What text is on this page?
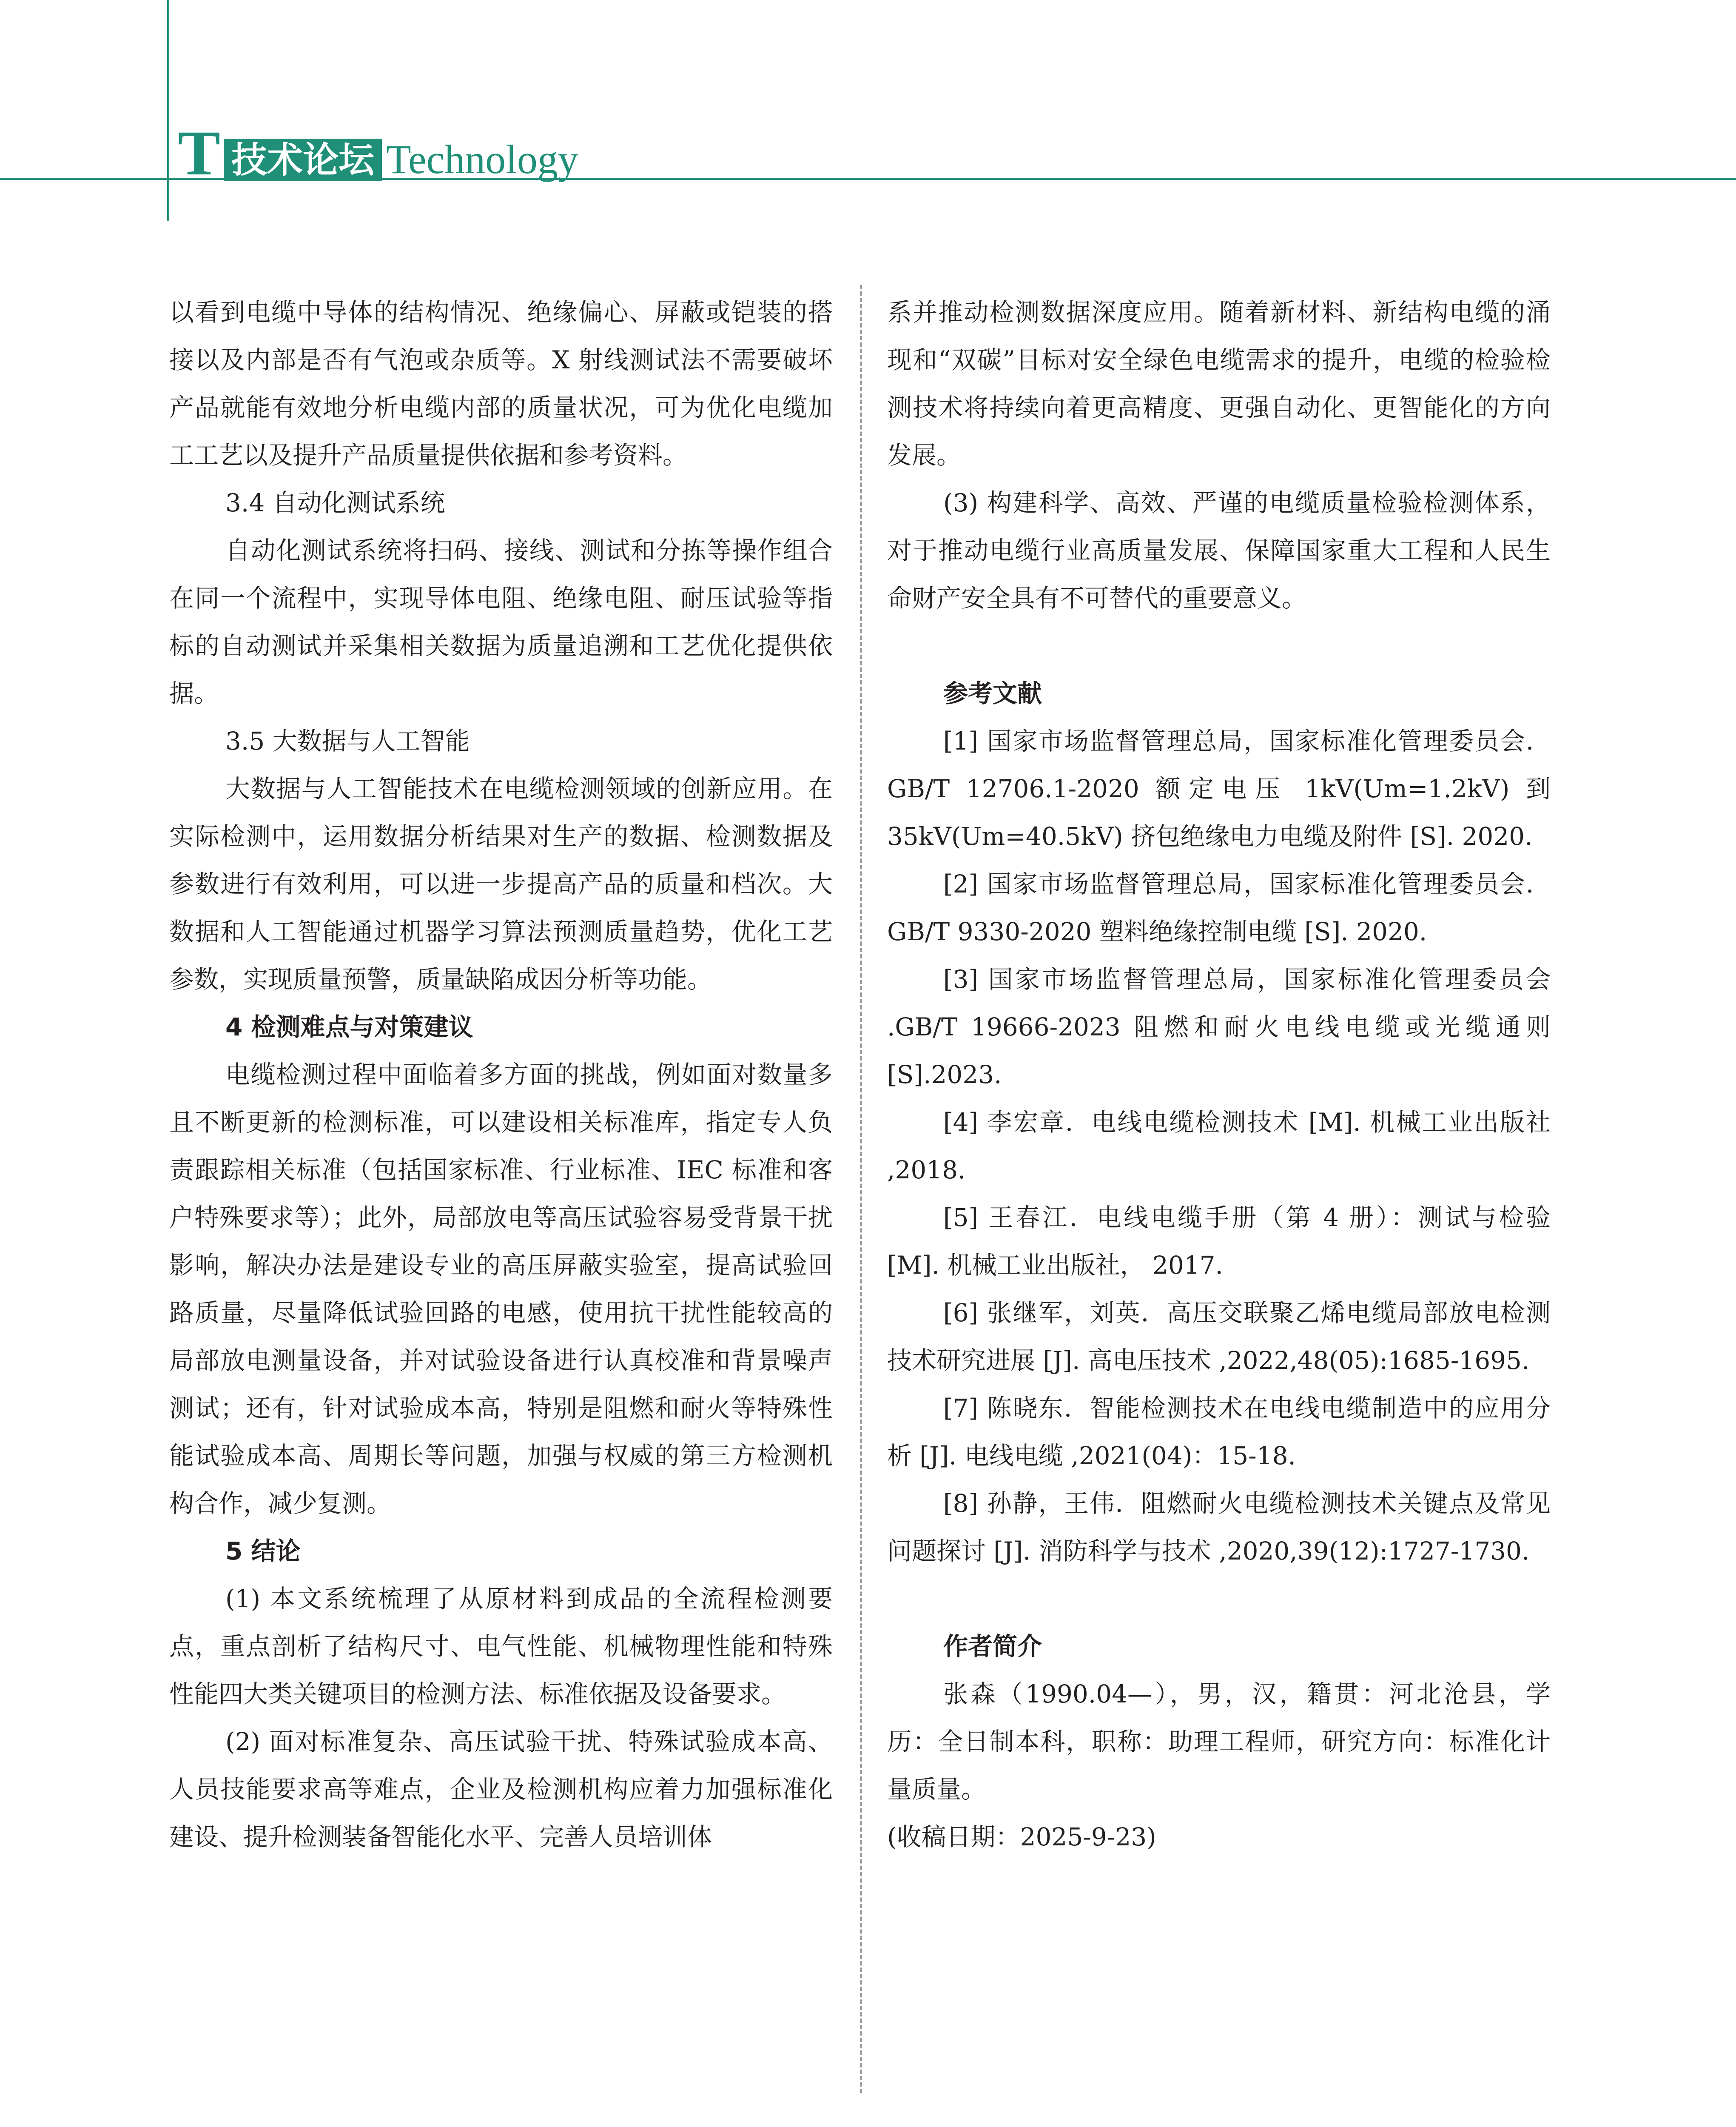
T 技术论坛 Technology

以看到电缆中导体的结构情况、绝缘偏心、屏蔽或铠装的搭接以及内部是否有气泡或杂质等。X 射线测试法不需要破坏产品就能有效地分析电缆内部的质量状况，可为优化电缆加工工艺以及提升产品质量提供依据和参考资料。

3.4 自动化测试系统

自动化测试系统将扫码、接线、测试和分拣等操作组合在同一个流程中，实现导体电阻、绝缘电阻、耐压试验等指标的自动测试并采集相关数据为质量追溯和工艺优化提供依据。

3.5 大数据与人工智能

大数据与人工智能技术在电缆检测领域的创新应用。在实际检测中，运用数据分析结果对生产的数据、检测数据及参数进行有效利用，可以进一步提高产品的质量和档次。大数据和人工智能通过机器学习算法预测质量趋势，优化工艺参数，实现质量预警，质量缺陷成因分析等功能。

4 检测难点与对策建议

电缆检测过程中面临着多方面的挑战，例如面对数量多且不断更新的检测标准，可以建设相关标准库，指定专人负责跟踪相关标准（包括国家标准、行业标准、IEC 标准和客户特殊要求等）；此外，局部放电等高压试验容易受背景干扰影响，解决办法是建设专业的高压屏蔽实验室，提高试验回路质量，尽量降低试验回路的电感，使用抗干扰性能较高的局部放电测量设备，并对试验设备进行认真校准和背景噪声测试；还有，针对试验成本高，特别是阻燃和耐火等特殊性能试验成本高、周期长等问题，加强与权威的第三方检测机构合作，减少复测。

5 结论

(1) 本文系统梳理了从原材料到成品的全流程检测要点，重点剖析了结构尺寸、电气性能、机械物理性能和特殊性能四大类关键项目的检测方法、标准依据及设备要求。

(2) 面对标准复杂、高压试验干扰、特殊试验成本高、人员技能要求高等难点，企业及检测机构应着力加强标准化建设、提升检测装备智能化水平、完善人员培训体

系并推动检测数据深度应用。随着新材料、新结构电缆的涌现和“双碳”目标对安全绿色电缆需求的提升，电缆的检验检测技术将持续向着更高精度、更强自动化、更智能化的方向发展。

(3) 构建科学、高效、严谨的电缆质量检验检测体系，对于推动电缆行业高质量发展、保障国家重大工程和人民生命财产安全具有不可替代的重要意义。

参考文献

[1] 国家市场监督管理总局，国家标准化管理委员会．GB/T 12706.1-2020 额定电压 1kV(Um=1.2kV) 到 35kV(Um=40.5kV) 挤包绝缘电力电缆及附件 [S]. 2020.

[2] 国家市场监督管理总局，国家标准化管理委员会．GB/T 9330-2020 塑料绝缘控制电缆 [S]. 2020.

[3] 国家市场监督管理总局，国家标准化管理委员会 .GB/T 19666-2023 阻燃和耐火电线电缆或光缆通则 [S].2023.

[4] 李宏章．电线电缆检测技术 [M]. 机械工业出版社 ,2018.

[5] 王春江．电线电缆手册（第 4 册）：测试与检验 [M]. 机械工业出版社， 2017.

[6] 张继军，刘英．高压交联聚乙烯电缆局部放电检测技术研究进展 [J]. 高电压技术 ,2022,48(05):1685-1695.

[7] 陈晓东．智能检测技术在电线电缆制造中的应用分析 [J]. 电线电缆 ,2021(04)：15-18.

[8] 孙静，王伟．阻燃耐火电缆检测技术关键点及常见问题探讨 [J]. 消防科学与技术 ,2020,39(12):1727-1730.

作者简介

张森（1990.04—），男，汉，籍贯：河北沧县，学历：全日制本科，职称：助理工程师，研究方向：标准化计量质量。

(收稿日期：2025-9-23)
